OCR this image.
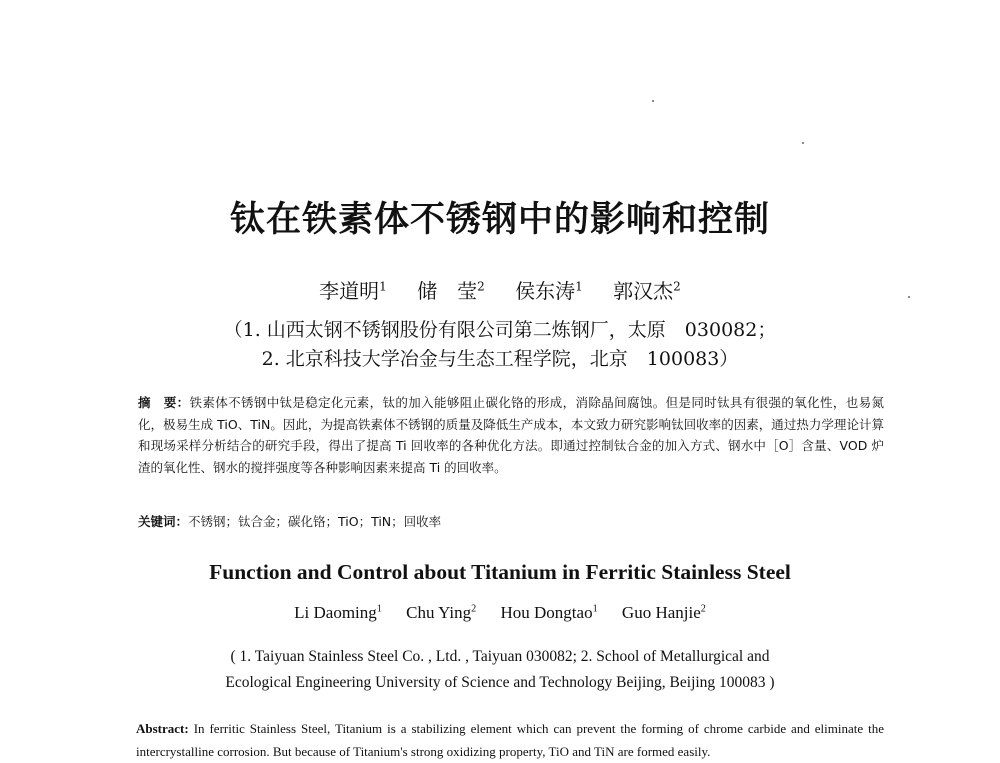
钛在铁素体不锈钢中的影响和控制
李道明$^1$ 储　莹$^2$ 侯东涛$^1$ 郭汉杰$^2$
（1. 山西太钢不锈钢股份有限公司第二炼钢厂，太原　030082；
2. 北京科技大学冶金与生态工程学院，北京　100083）
摘　要：铁素体不锈钢中钛是稳定化元素，钛的加入能够阻止碳化铬的形成，消除晶间腐蚀。但是同时钛具有很强的氧化性，也易氮化，极易生成 TiO、TiN。因此，为提高铁素体不锈钢的质量及降低生产成本，本文致力研究影响钛回收率的因素，通过热力学理论计算和现场采样分析结合的研究手段，得出了提高 Ti 回收率的各种优化方法。即通过控制钛合金的加入方式、钢水中［O］含量、VOD 炉渣的氧化性、钢水的搅拌强度等各种影响因素来提高 Ti 的回收率。
关键词：不锈钢；钛合金；碳化铬；TiO；TiN；回收率
Function and Control about Titanium in Ferritic Stainless Steel
Li Daoming$^1$ Chu Ying$^2$ Hou Dongtao$^1$ Guo Hanjie$^2$
( 1. Taiyuan Stainless Steel Co. , Ltd. , Taiyuan 030082; 2. School of Metallurgical and
Ecological Engineering University of Science and Technology Beijing, Beijing 100083 )
Abstract: In ferritic Stainless Steel, Titanium is a stabilizing element which can prevent the forming of chrome carbide and eliminate the intercrystalline corrosion. But because of Titanium's strong oxidizing property, TiO and TiN are formed easily.
